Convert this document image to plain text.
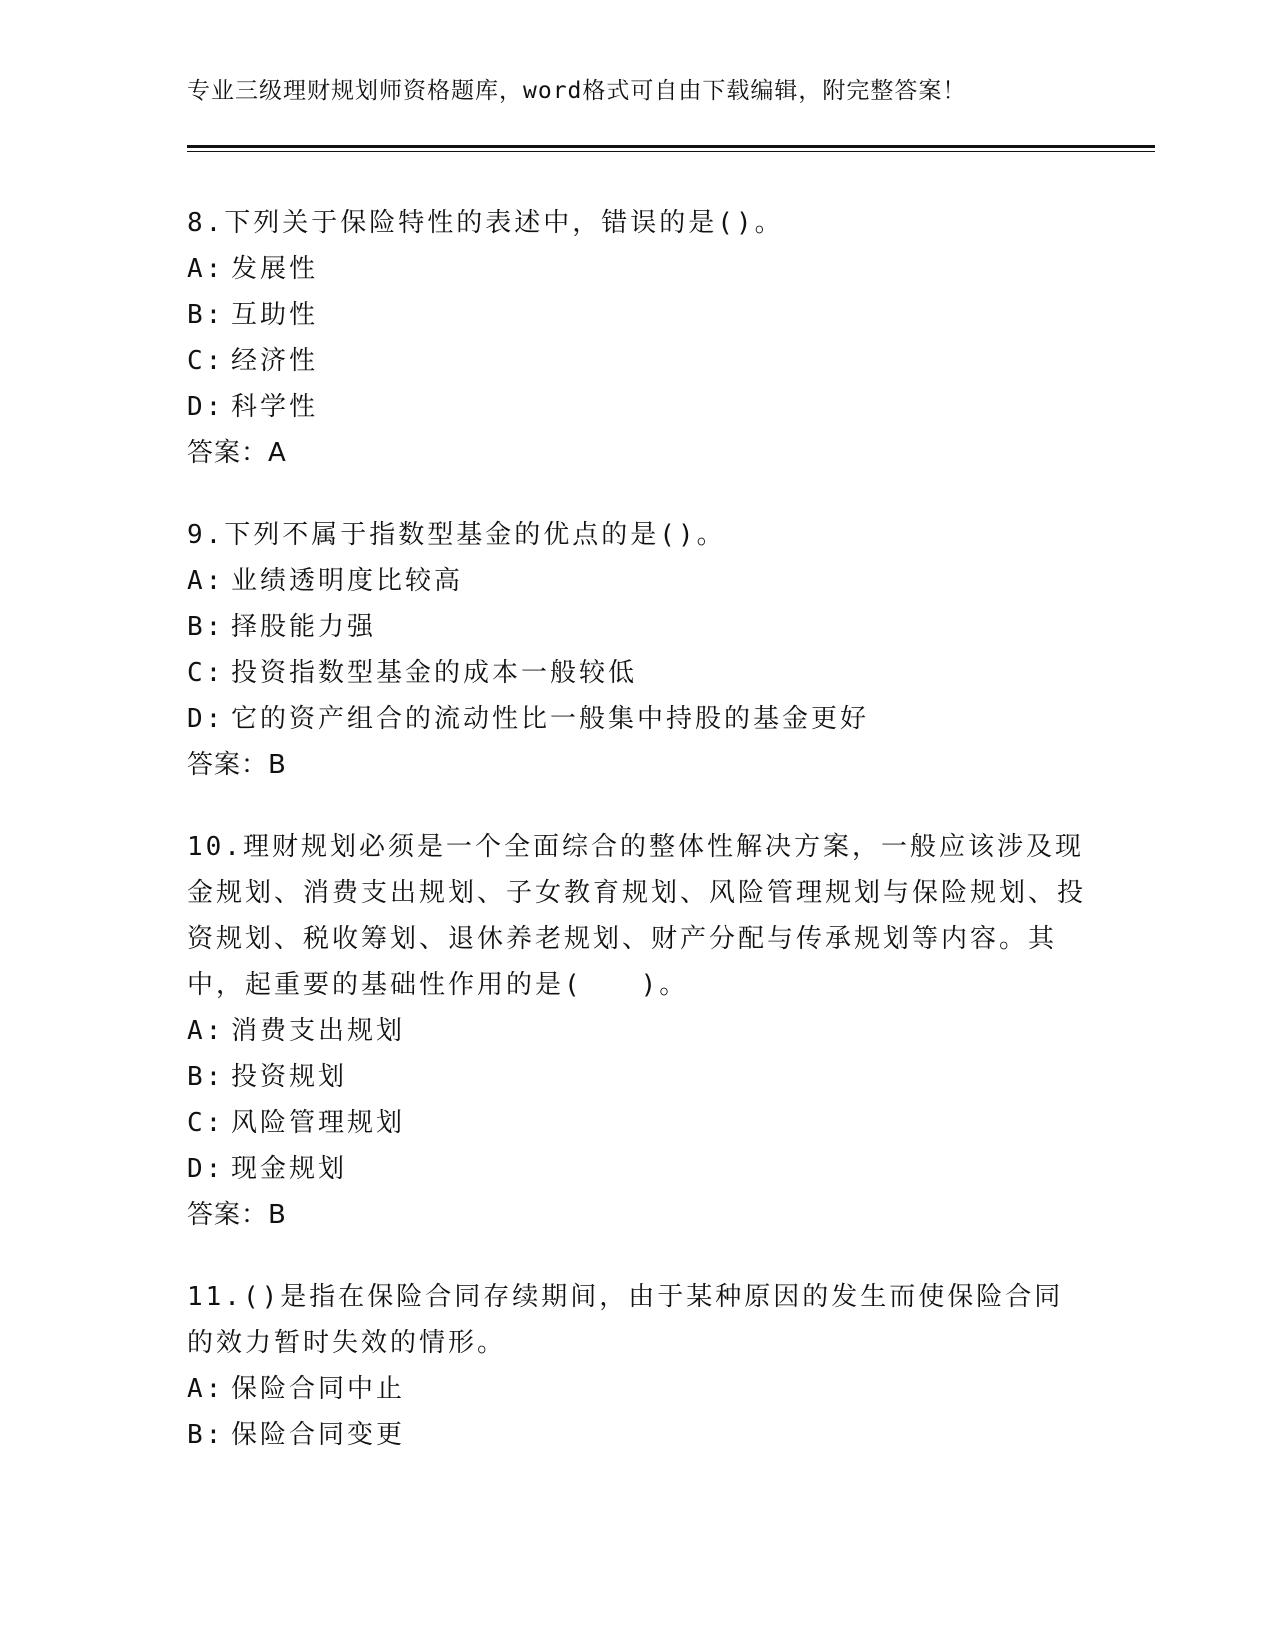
专业三级理财规划师资格题库，word格式可自由下载编辑，附完整答案！

8.下列关于保险特性的表述中，错误的是()。

A: 发展性

B: 互助性

C: 经济性

D: 科学性

答案：A

9.下列不属于指数型基金的优点的是()。

A: 业绩透明度比较高

B: 择股能力强

C: 投资指数型基金的成本一般较低

D: 它的资产组合的流动性比一般集中持股的基金更好

答案：B

10.理财规划必须是一个全面综合的整体性解决方案，一般应该涉及现金规划、消费支出规划、子女教育规划、风险管理规划与保险规划、投资规划、税收筹划、退休养老规划、财产分配与传承规划等内容。其中，起重要的基础性作用的是(　　)。

A: 消费支出规划

B: 投资规划

C: 风险管理规划

D: 现金规划

答案：B

11.()是指在保险合同存续期间，由于某种原因的发生而使保险合同的效力暂时失效的情形。

A: 保险合同中止

B: 保险合同变更
